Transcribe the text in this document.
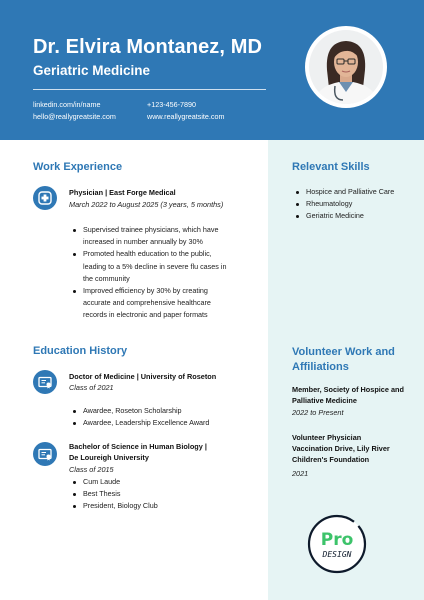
Dr. Elvira Montanez, MD
Geriatric Medicine
linkedin.com/in/name
hello@reallygreatsite.com
+123-456-7890
www.reallygreatsite.com
Work Experience
Physician | East Forge Medical
March 2022 to August 2025 (3 years, 5 months)
Supervised trainee physicians, which have
increased in number annually by 30%
Promoted health education to the public,
leading to a 5% decline in severe flu cases in
the community
Improved efficiency by 30% by creating
accurate and comprehensive healthcare
records in electronic and paper formats
Education History
Doctor of Medicine | University of Roseton
Class of 2021
Awardee, Roseton Scholarship
Awardee, Leadership Excellence Award
Bachelor of Science in Human Biology |
De Loureigh University
Class of 2015
Cum Laude
Best Thesis
President, Biology Club
Relevant Skills
Hospice and Palliative Care
Rheumatology
Geriatric Medicine
Volunteer Work and
Affiliations
Member, Society of Hospice and
Palliative Medicine
2022 to Present
Volunteer Physician
Vaccination Drive, Lily River
Children's Foundation
2021
Pro
DESIGN
